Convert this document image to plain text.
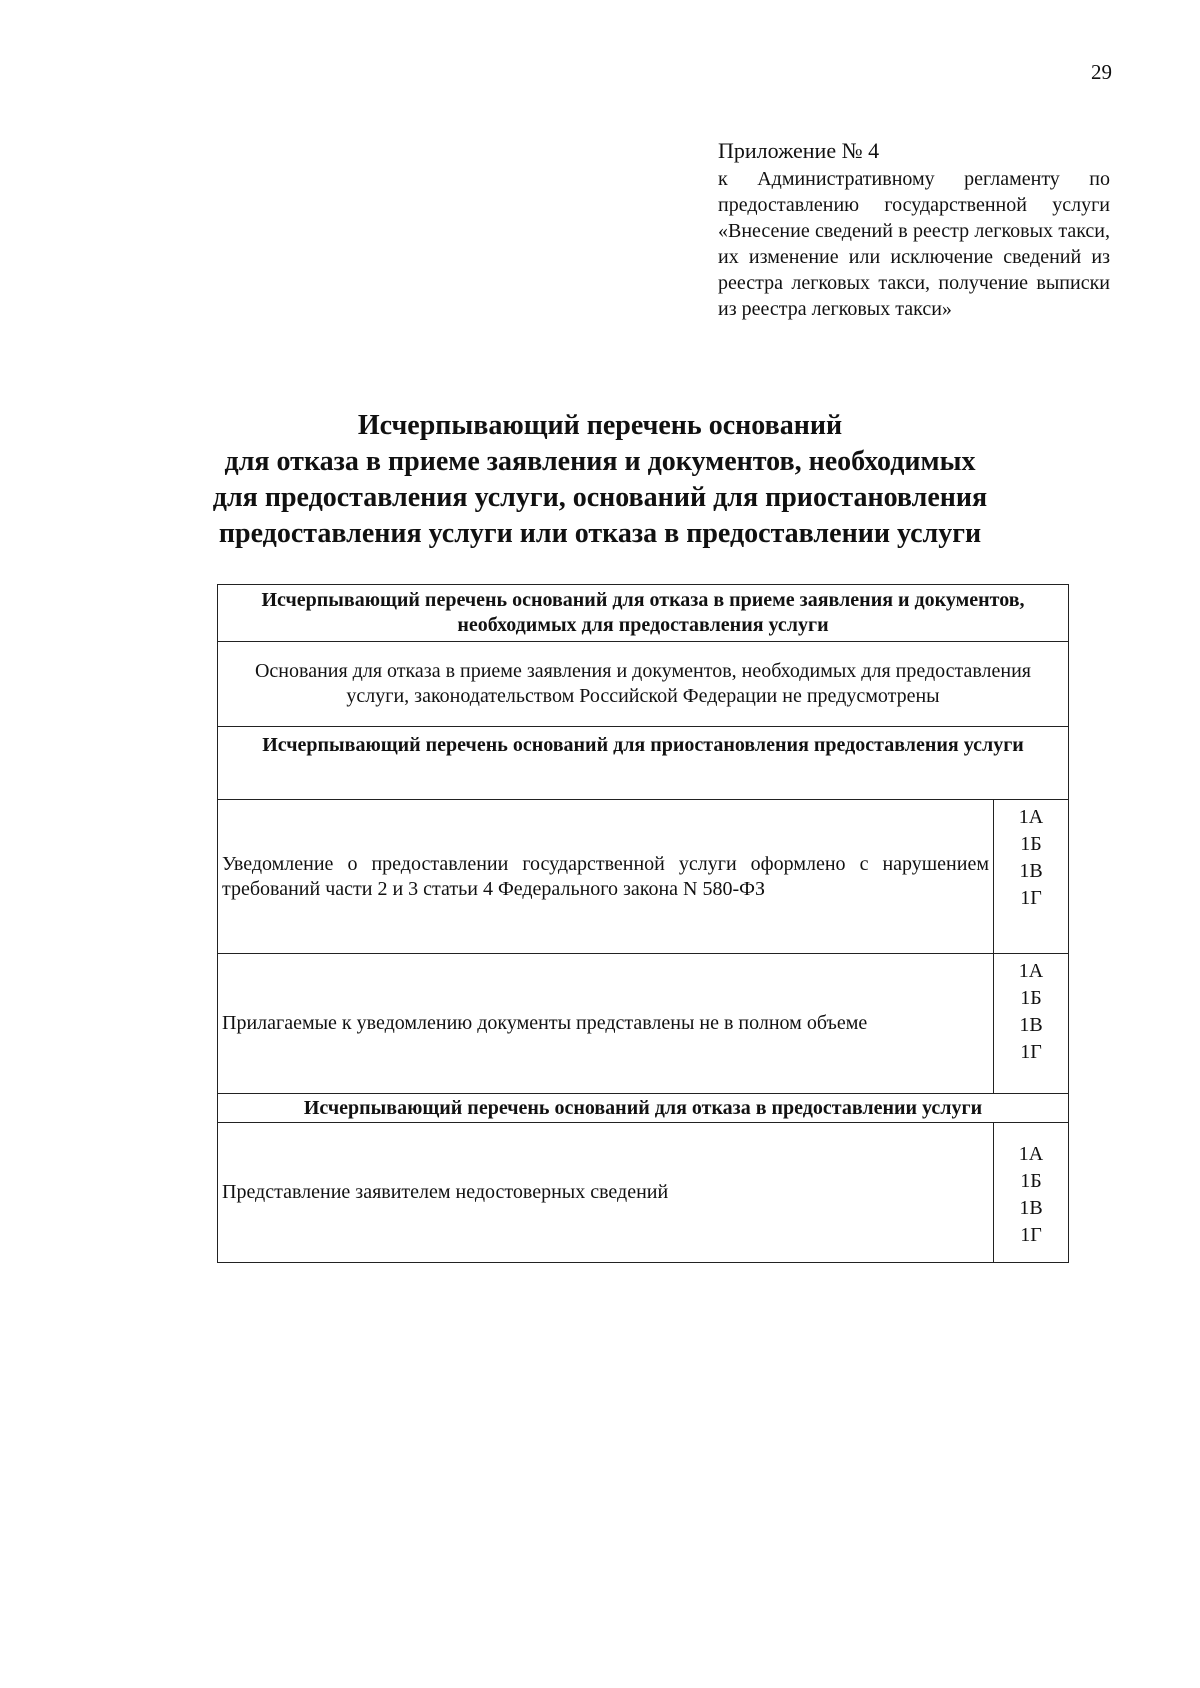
29
Приложение № 4
к Административному регламенту по предоставлению государственной услуги «Внесение сведений в реестр легковых такси, их изменение или исключение сведений из реестра легковых такси, получение выписки из реестра легковых такси»
Исчерпывающий перечень оснований
для отказа в приеме заявления и документов, необходимых
для предоставления услуги, оснований для приостановления
предоставления услуги или отказа в предоставлении услуги
Исчерпывающий перечень оснований для отказа в приеме заявления и документов, необходимых для предоставления услуги	
Основания для отказа в приеме заявления и документов, необходимых для предоставления услуги, законодательством Российской Федерации не предусмотрены	
Исчерпывающий перечень оснований для приостановления предоставления услуги	
Уведомление о предоставлении государственной услуги оформлено с нарушением требований части 2 и 3 статьи 4 Федерального закона N 580-ФЗ	1А
1Б
1В
1Г

Прилагаемые к уведомлению документы представлены не в полном объеме	1А
1Б
1В
1Г

Исчерпывающий перечень оснований для отказа в предоставлении услуги	
Представление заявителем недостоверных сведений	1А
1Б
1В
1Г
